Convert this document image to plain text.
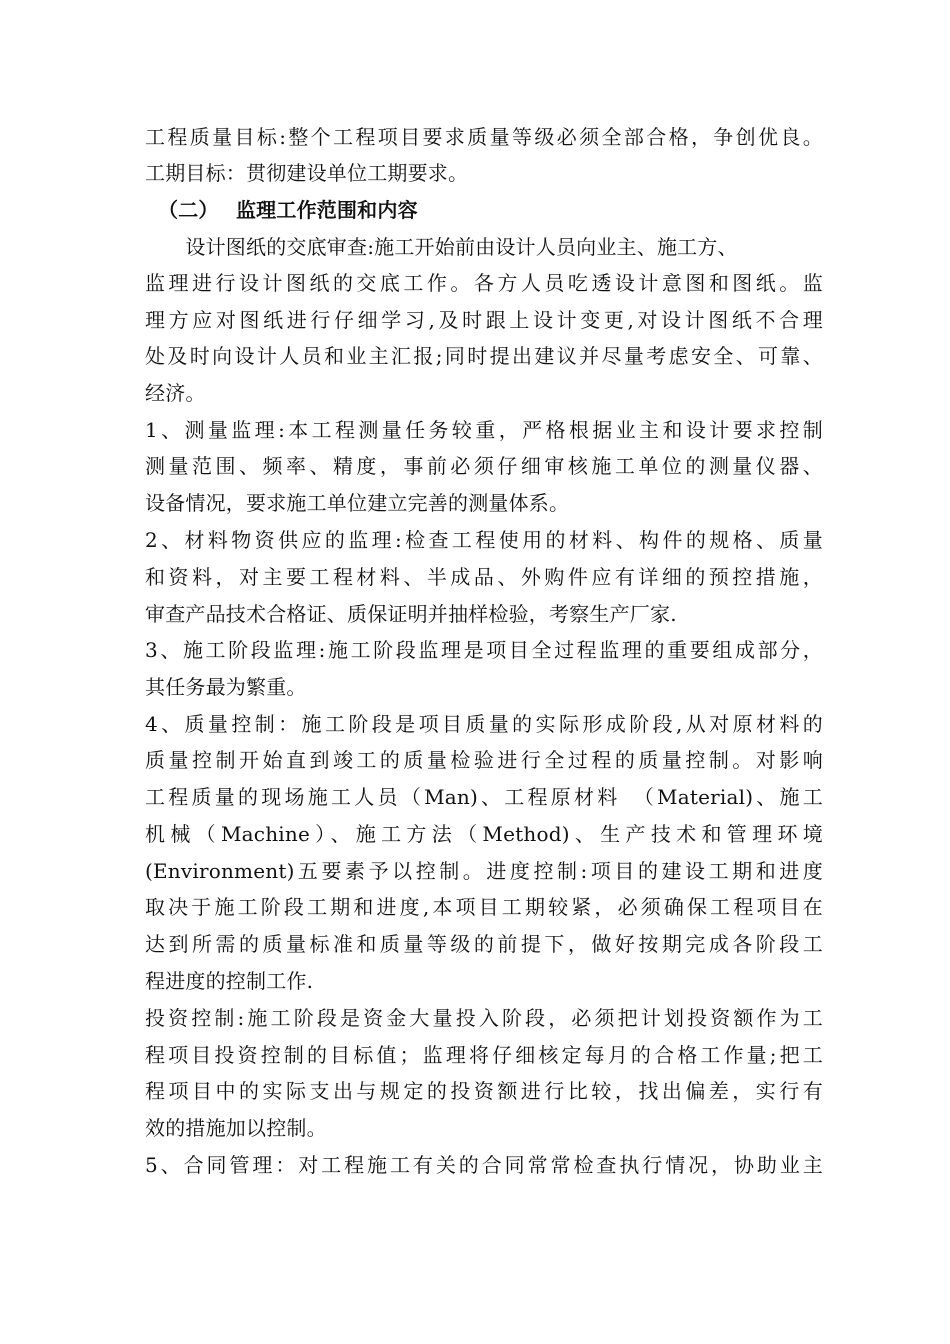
工程质量目标:整个工程项目要求质量等级必须全部合格，争创优良。
工期目标：贯彻建设单位工期要求。
（二）　 监理工作范围和内容
　　设计图纸的交底审查:施工开始前由设计人员向业主、施工方、
监理进行设计图纸的交底工作。各方人员吃透设计意图和图纸。监
理方应对图纸进行仔细学习,及时跟上设计变更,对设计图纸不合理
处及时向设计人员和业主汇报;同时提出建议并尽量考虑安全、可靠、
经济。
1、测量监理:本工程测量任务较重，严格根据业主和设计要求控制
测量范围、频率、精度，事前必须仔细审核施工单位的测量仪器、
设备情况，要求施工单位建立完善的测量体系。
2、材料物资供应的监理:检查工程使用的材料、构件的规格、质量
和资料，对主要工程材料、半成品、外购件应有详细的预控措施，
审查产品技术合格证、质保证明并抽样检验，考察生产厂家.
3、施工阶段监理:施工阶段监理是项目全过程监理的重要组成部分，
其任务最为繁重。
4、质量控制：施工阶段是项目质量的实际形成阶段,从对原材料的
质量控制开始直到竣工的质量检验进行全过程的质量控制。对影响
工程质量的现场施工人员（Man)、工程原材料　（Material)、施工
机械（Machine）、施工方法（Method)、生产技术和管理环境
(Environment)五要素予以控制。进度控制:项目的建设工期和进度
取决于施工阶段工期和进度,本项目工期较紧，必须确保工程项目在
达到所需的质量标准和质量等级的前提下，做好按期完成各阶段工
程进度的控制工作.
投资控制:施工阶段是资金大量投入阶段，必须把计划投资额作为工
程项目投资控制的目标值；监理将仔细核定每月的合格工作量;把工
程项目中的实际支出与规定的投资额进行比较，找出偏差，实行有
效的措施加以控制。
5、合同管理：对工程施工有关的合同常常检查执行情况，协助业主
